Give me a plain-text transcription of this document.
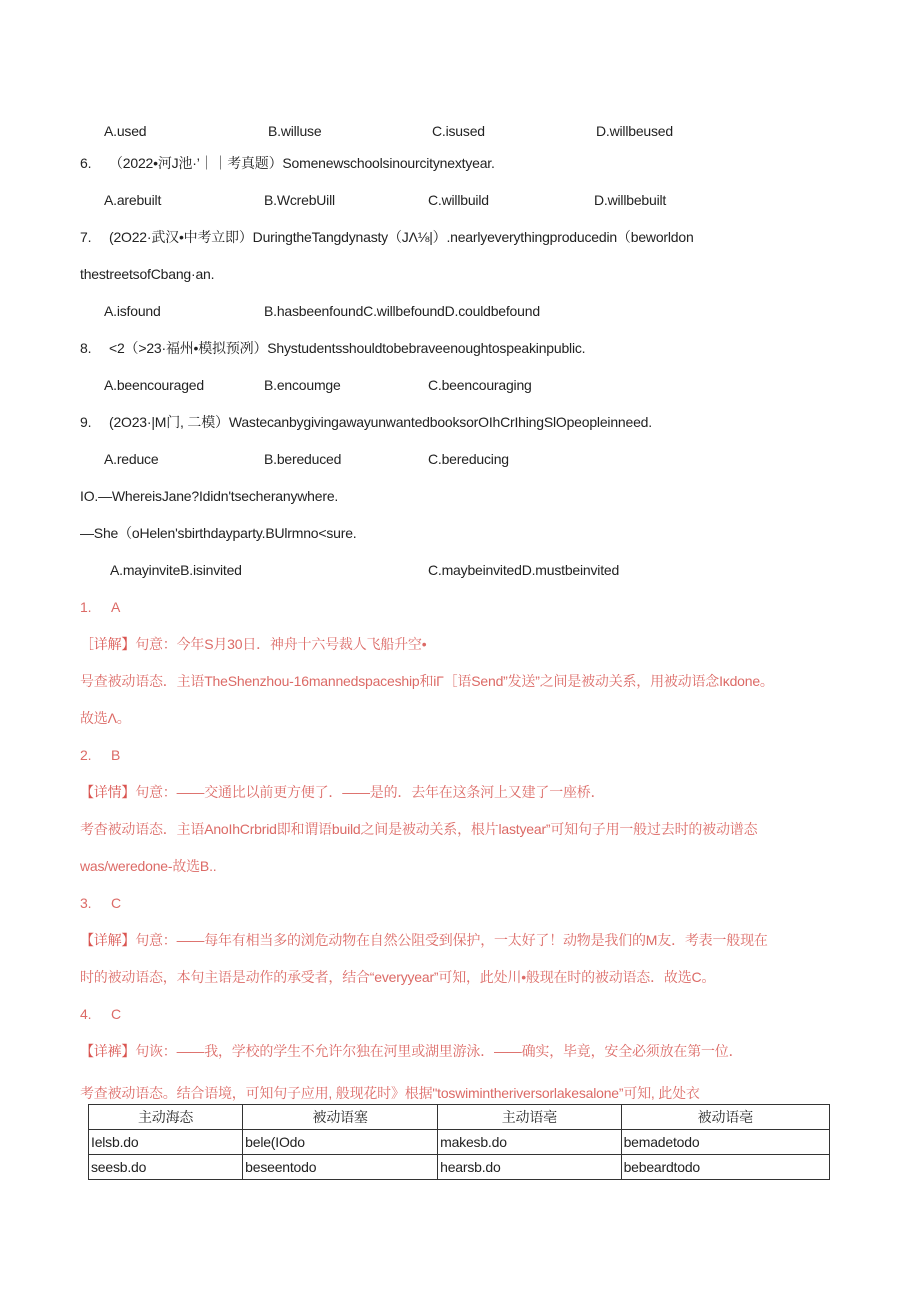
A.used	B.willuse	C.isused	D.willbeused
6. （2022•河J池·’｜｜考真题）Somenewschoolsinourcitynextyear.
A.arebuilt	B.WcrebUill	C.willbuild	D.willbebuilt
7. (2O22·武汉•中考立即）DuringtheTangdynasty（JΛ⅛|）.nearlyeverythingproducedin（beworldon
thestreetsofCbang·an.
A.isfound	B.hasbeenfoundC.willbefoundD.couldbefound
8. <2（>23·福州•模拟预冽）Shystudentsshouldtobebraveenoughtospeakinpublic.
A.beencouraged	B.encoumge	C.beencouraging
9. (2O23·|M门, 二模）WastecanbygivingawayunwantedbooksorOIhCrIhingSlOpeopleinneed.
A.reduce	B.bereduced	C.bereducing
IO.—WhereisJane?Ididn'tsecheranywhere.
—She（oHelen'sbirthdayparty.BUlrmno<sure.
A.mayinviteB.isinvited	C.maybeinvitedD.mustbeinvited
1. A
［详解】句意：今年S月30日．神舟十六号裁人飞船升空•
号查被动语态．主语TheShenzhou-16mannedspaceship和iΓ［语Send”发送”之间是被动关系，用被动语念Iκdone。
故选Λ。
2. B
【详情】句意：——交通比以前更方便了．——是的．去年在这条河上又建了一座桥．
考杳被动语态．主语AnoIhCrbrid即和谓语build之间是被动关系，根片lastyear”可知句子用一般过去时的被动谱态
was/weredone-故选B..
3. C
【详解】句意：——每年有相当多的浏危动物在自然公阻受到保护，一太好了！动物是我们的M友．考表一般现在
时的被动语态，本句主语是动作的承受者，结合“everyyear”可知，此处川•般现在时的被动语态．故选C。
4. C
【详裤】句诙：——我，学校的学生不允许尔独在河里或湖里游泳．——确实，毕竟，安全必须放在第一位．
考查被动语态。结合语境，可知句子应用, 般现花时》根据"toswimintheriversorlakesalone”可知, 此处衣
主动海态	被动语塞	主动语亳	被动语亳
Ielsb.do	bele(IOdo	makesb.do	bemadetodo
seesb.do	beseentodo	hearsb.do	bebeardtodo
